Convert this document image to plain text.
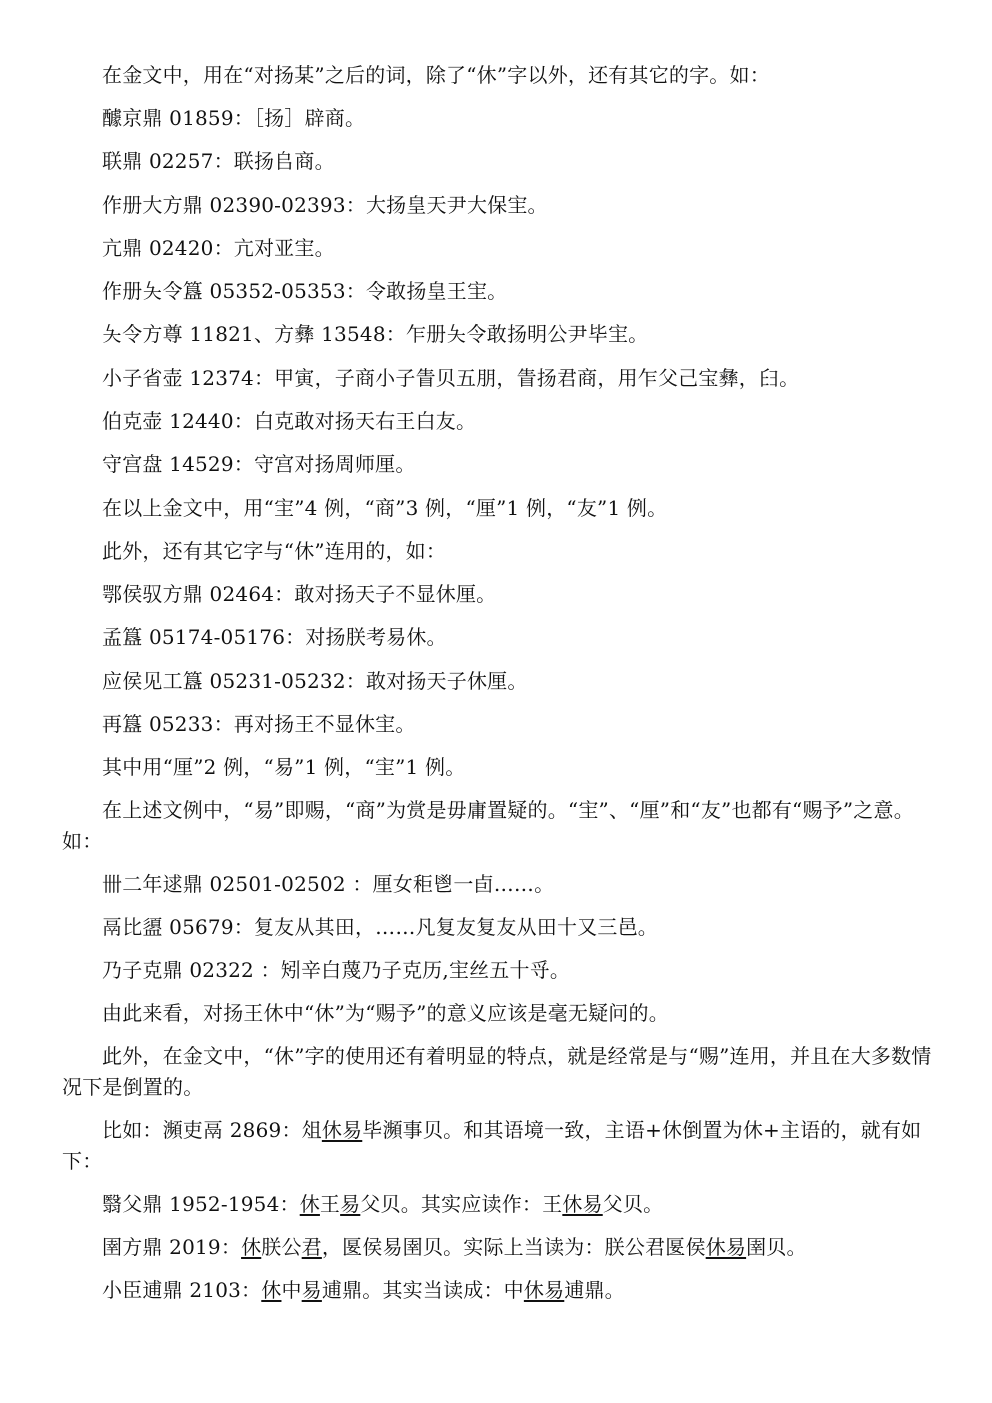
在金文中，用在“对扬某”之后的词，除了“休”字以外，还有其它的字。如：
醵京鼎 01859：［扬］辟商。
联鼎 02257：联扬𠂤商。
作册大方鼎 02390-02393：大扬皇天尹大保宔。
亢鼎 02420：亢对亚宔。
作册夨令簋 05352-05353：令敢扬皇王宔。
夨令方尊 11821、方彝 13548：乍册夨令敢扬明公尹毕宔。
小子省壶 12374：甲寅，子商小子眚贝五朋，眚扬君商，用乍父己宝彝，𦥑。
伯克壶 12440：白克敢对扬天右王白友。
守宫盘 14529：守宫对扬周师厘。
在以上金文中，用“宔”4 例，“商”3 例，“厘”1 例，“友”1 例。
此外，还有其它字与“休”连用的，如：
鄂侯驭方鼎 02464：敢对扬天子不显休厘。
孟簋 05174-05176：对扬朕考易休。
应侯见工簋 05231-05232：敢对扬天子休厘。
再簋 05233：再对扬王不显休宔。
其中用“厘”2 例，“易”1 例，“宔”1 例。
在上述文例中，“易”即赐，“商”为赏是毋庸置疑的。“宔”、“厘”和“友”也都有“赐予”之意。如：
卌二年逑鼎 02501-02502 ：厘女秬鬯一卣……。
鬲比盨 05679：复友从其田，……凡复友复友从田十又三邑。
乃子克鼎 02322 ：矧辛白蔑乃子克历,宔丝五十寽。
由此来看，对扬王休中“休”为“赐予”的意义应该是毫无疑问的。
此外，在金文中，“休”字的使用还有着明显的特点，就是经常是与“赐”连用，并且在大多数情况下是倒置的。
比如：瀕吏鬲 2869：俎休易毕瀕事贝。和其语境一致，主语+休倒置为休+主语的，就有如下：
翳父鼎 1952-1954：休王易父贝。其实应读作：王休易父贝。
圉方鼎 2019：休朕公君，匽侯易圉贝。实际上当读为：朕公君匽侯休易圉贝。
小臣逋鼎 2103：休中易逋鼎。其实当读成：中休易逋鼎。
